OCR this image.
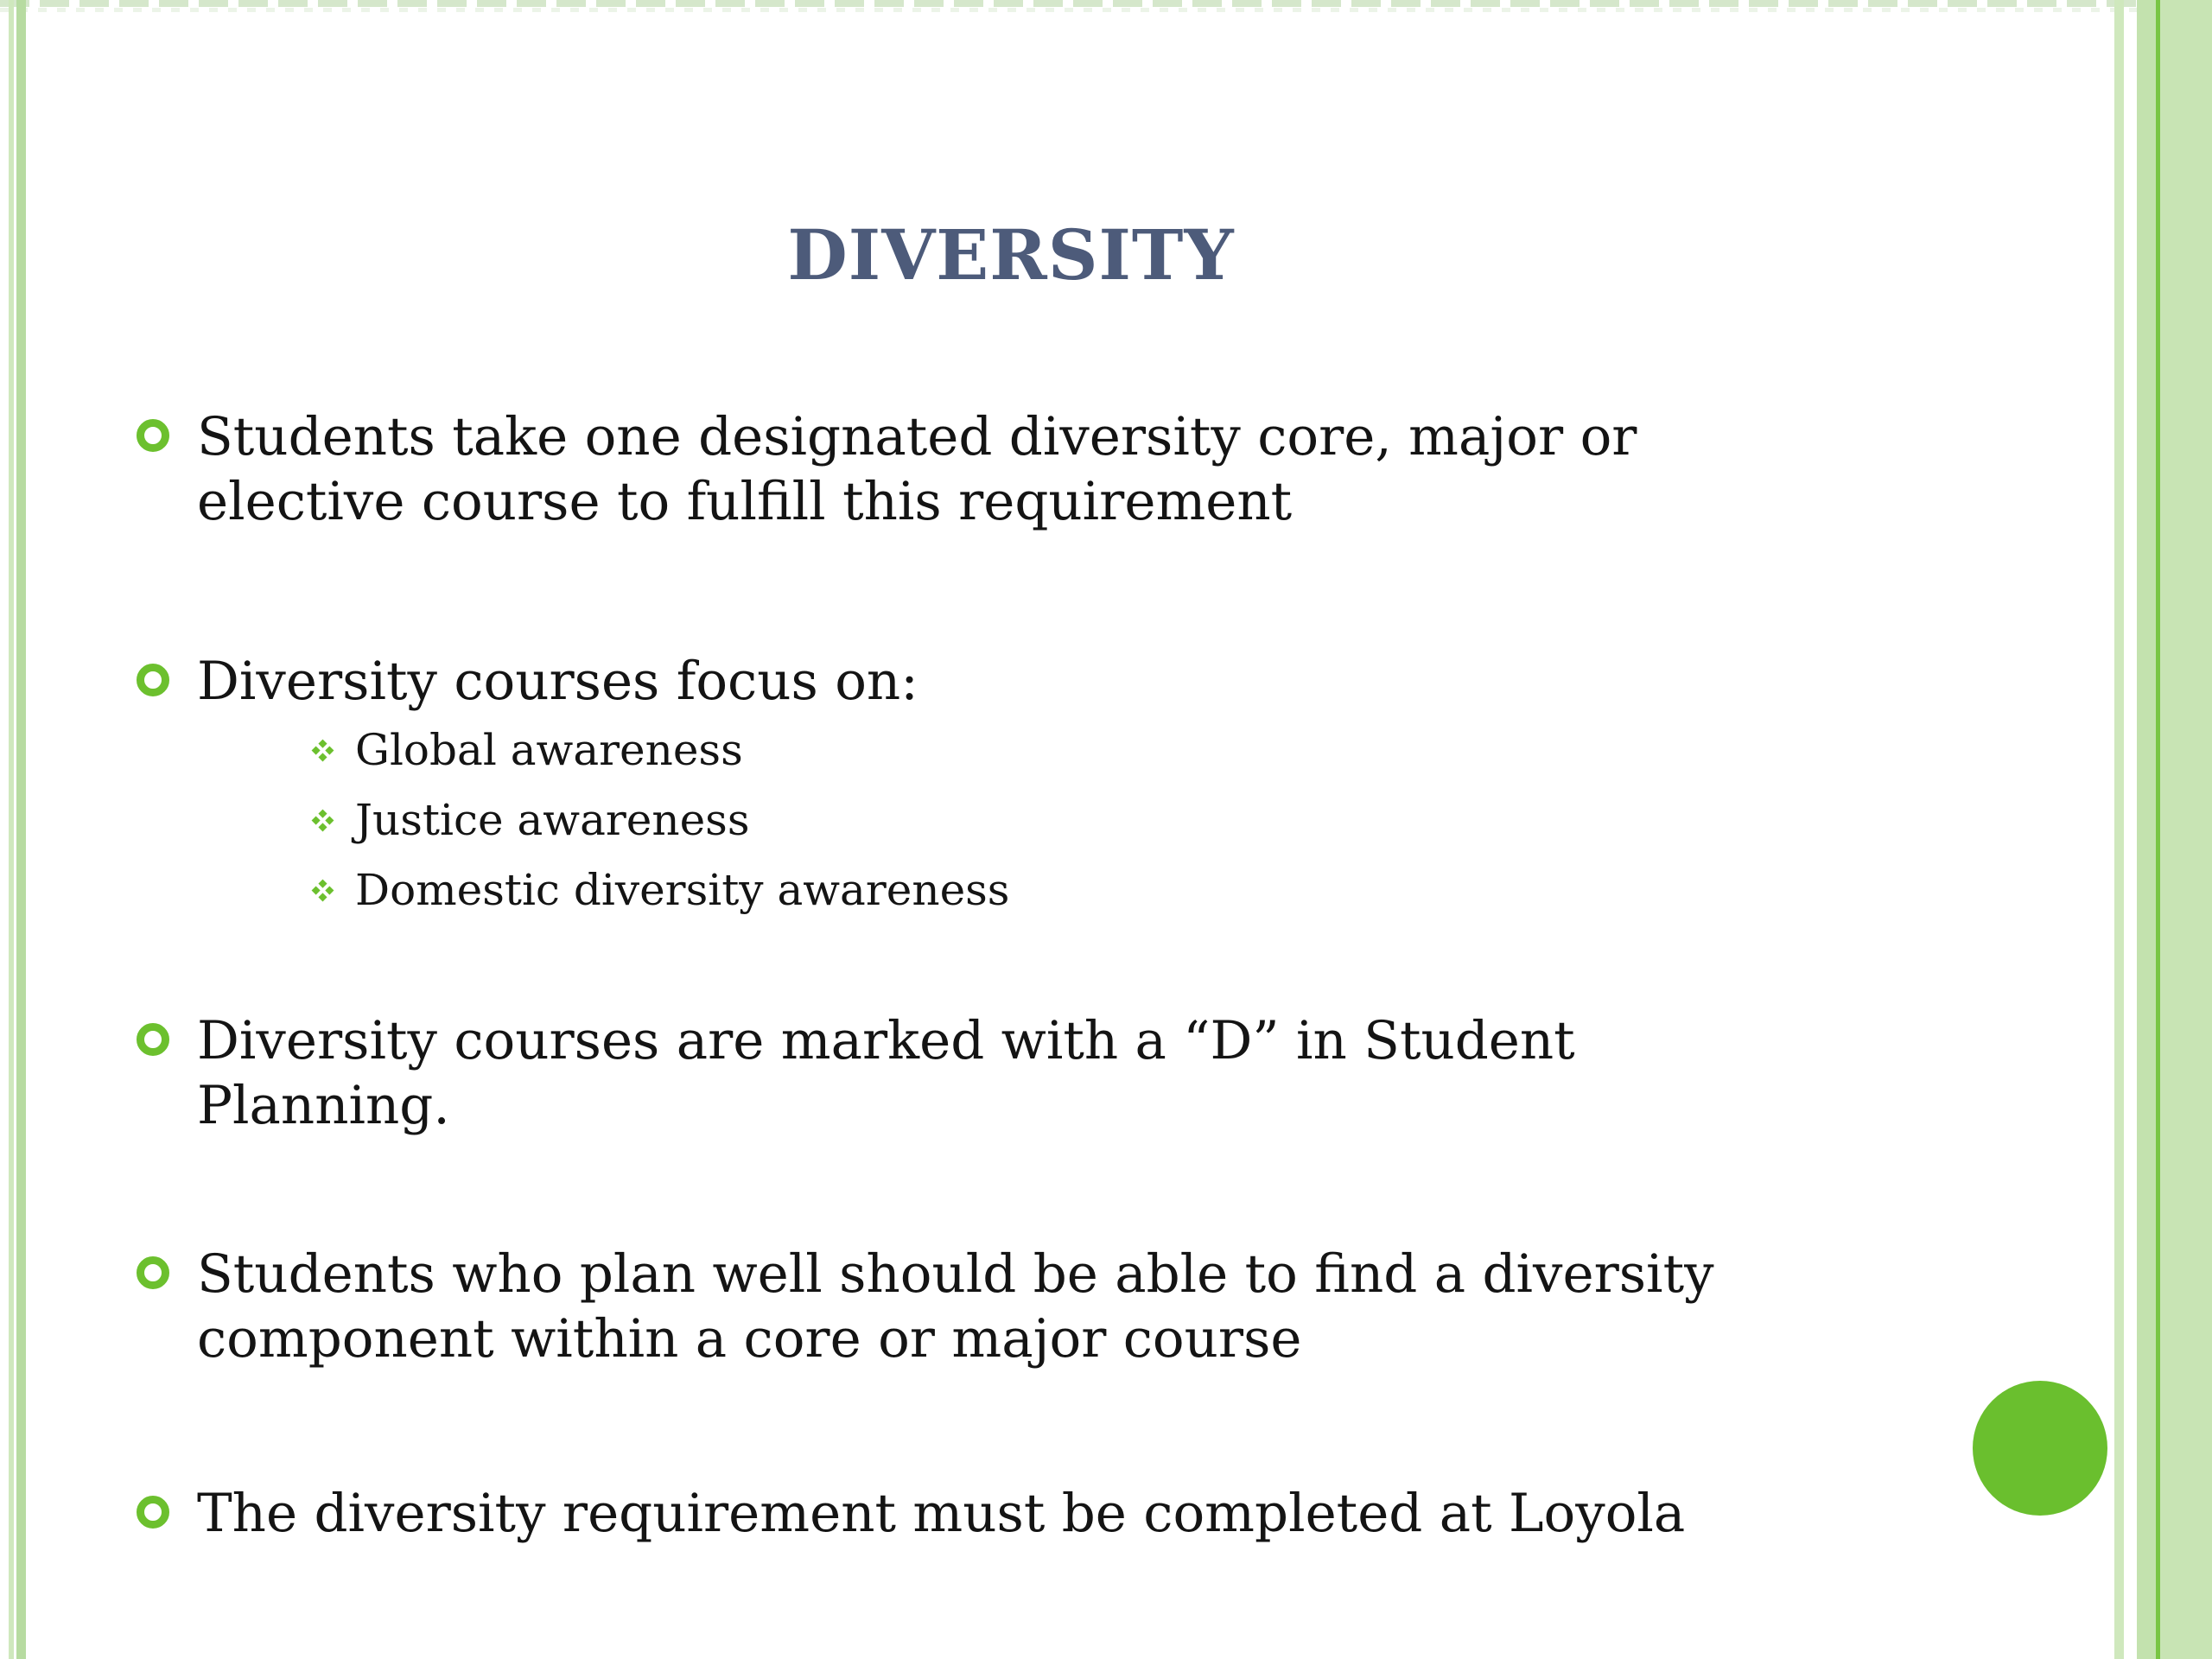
DIVERSITY
Students take one designated diversity core, major or
elective course to fulfill this requirement
Diversity courses focus on:
Global awareness
Justice awareness
Domestic diversity awareness
Diversity courses are marked with a “D” in Student
Planning.
Students who plan well should be able to find a diversity
component within a core or major course
The diversity requirement must be completed at Loyola
